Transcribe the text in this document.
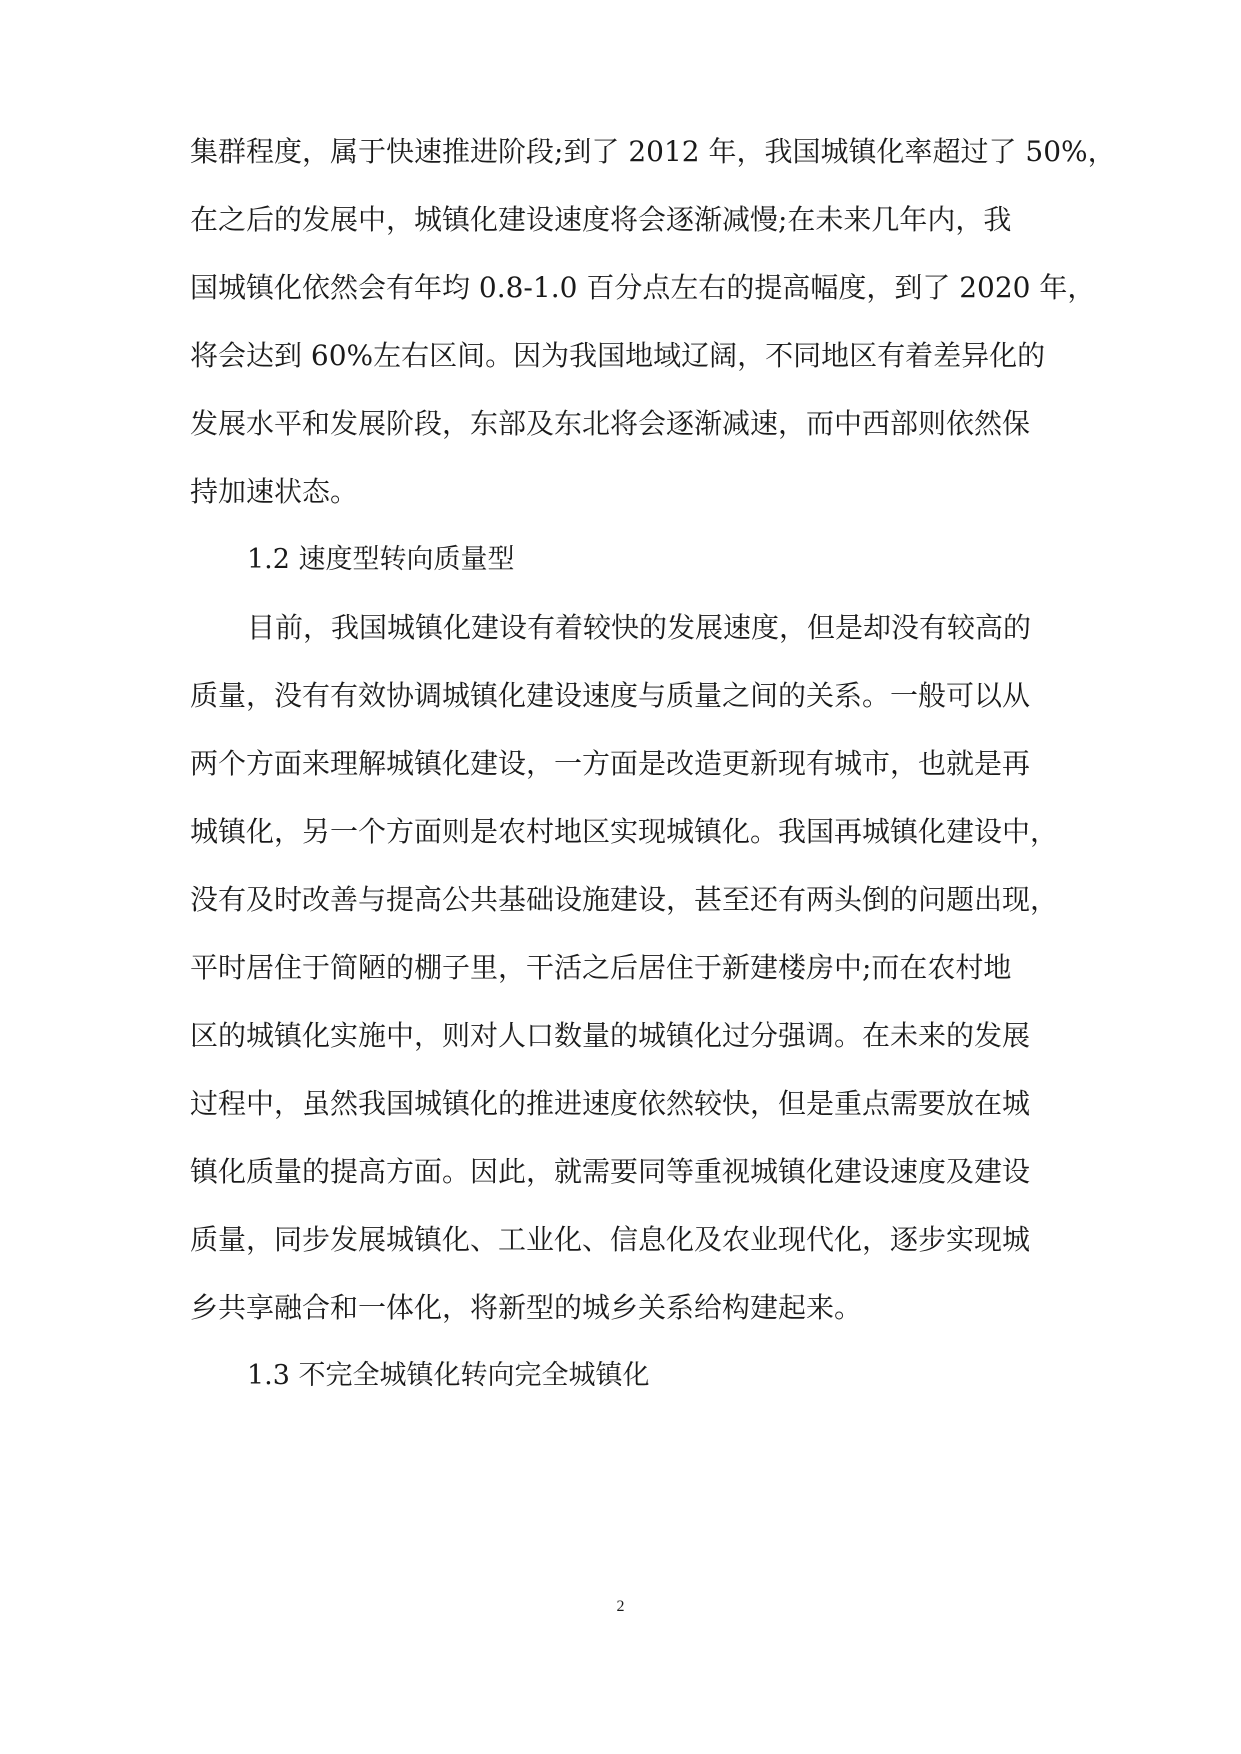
集群程度，属于快速推进阶段;到了 2012 年，我国城镇化率超过了 50%，
在之后的发展中，城镇化建设速度将会逐渐减慢;在未来几年内，我
国城镇化依然会有年均 0.8-1.0 百分点左右的提高幅度，到了 2020 年，
将会达到 60%左右区间。因为我国地域辽阔，不同地区有着差异化的
发展水平和发展阶段，东部及东北将会逐渐减速，而中西部则依然保
持加速状态。
1.2 速度型转向质量型
目前，我国城镇化建设有着较快的发展速度，但是却没有较高的
质量，没有有效协调城镇化建设速度与质量之间的关系。一般可以从
两个方面来理解城镇化建设，一方面是改造更新现有城市，也就是再
城镇化，另一个方面则是农村地区实现城镇化。我国再城镇化建设中，
没有及时改善与提高公共基础设施建设，甚至还有两头倒的问题出现，
平时居住于简陋的棚子里，干活之后居住于新建楼房中;而在农村地
区的城镇化实施中，则对人口数量的城镇化过分强调。在未来的发展
过程中，虽然我国城镇化的推进速度依然较快，但是重点需要放在城
镇化质量的提高方面。因此，就需要同等重视城镇化建设速度及建设
质量，同步发展城镇化、工业化、信息化及农业现代化，逐步实现城
乡共享融合和一体化，将新型的城乡关系给构建起来。
1.3 不完全城镇化转向完全城镇化
2
